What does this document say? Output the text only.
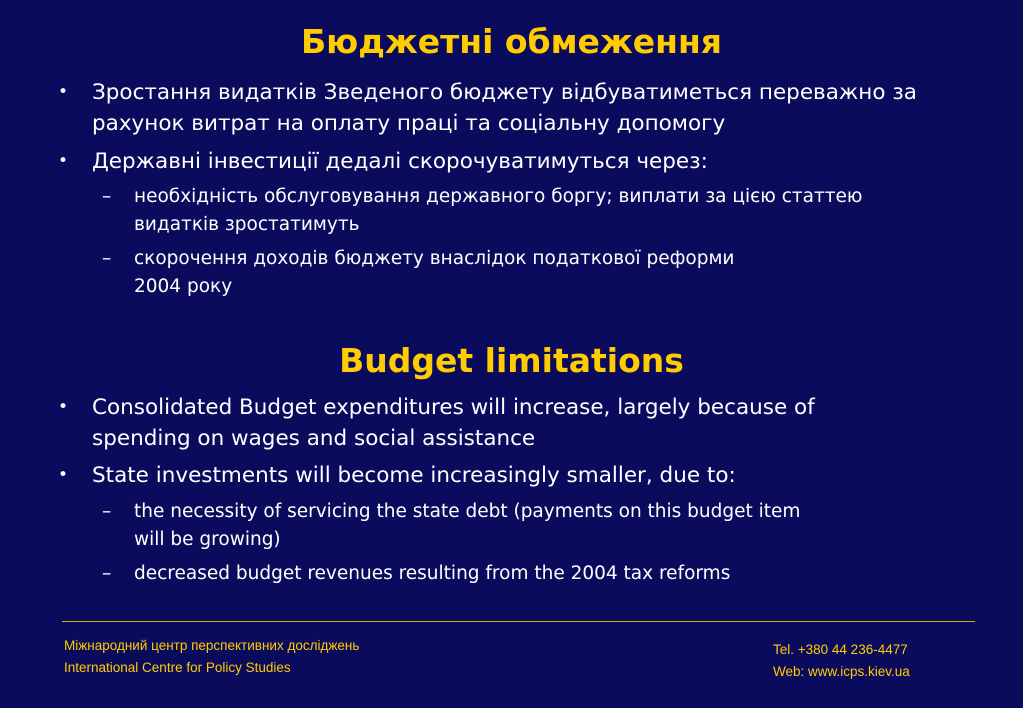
Бюджетні обмеження
• Зростання видатків Зведеного бюджету відбуватиметься переважно за рахунок витрат на оплату праці та соціальну допомогу
• Державні інвестиції дедалі скорочуватимуться через:
– необхідність обслуговування державного боргу; виплати за цією статтею
видатків зростатимуть
– скорочення доходів бюджету внаслідок податкової реформи
2004 року
Budget limitations
• Consolidated Budget expenditures will increase, largely because of
spending on wages and social assistance
• State investments will become increasingly smaller, due to:
– the necessity of servicing the state debt (payments on this budget item
will be growing)
– decreased budget revenues resulting from the 2004 tax reforms
Міжнародний центр перспективних досліджень
International Centre for Policy Studies
Tel. +380 44 236-4477
Web: www.icps.kiev.ua
